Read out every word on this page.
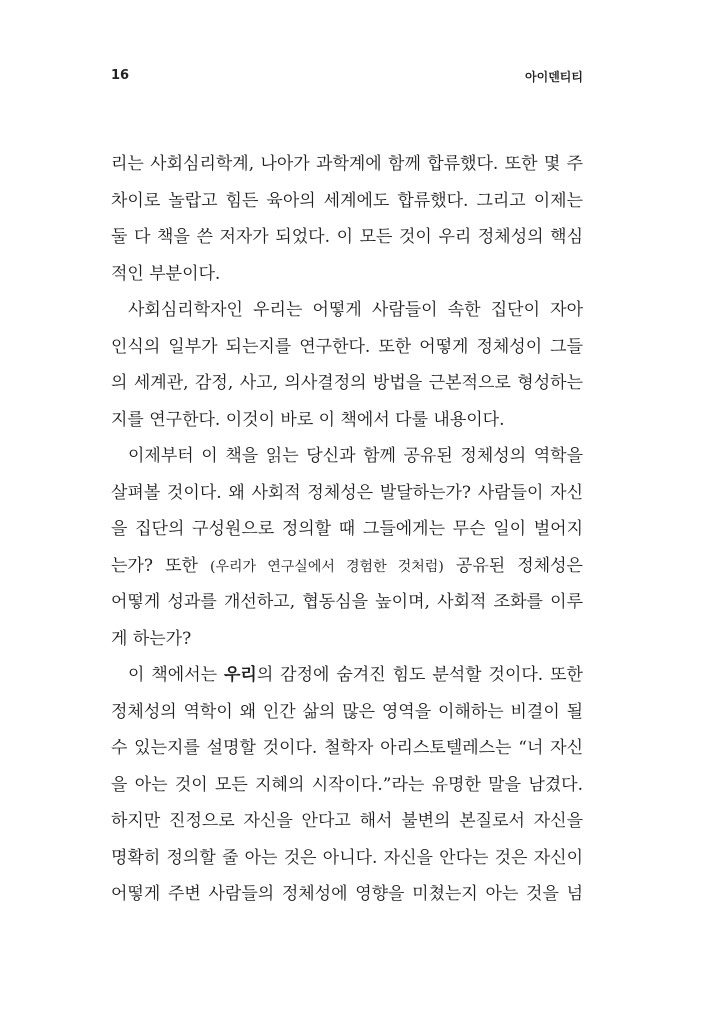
16	아이덴티티
리는 사회심리학계, 나아가 과학계에 함께 합류했다. 또한 몇 주
차이로 놀랍고 힘든 육아의 세계에도 합류했다. 그리고 이제는
둘 다 책을 쓴 저자가 되었다. 이 모든 것이 우리 정체성의 핵심
적인 부분이다.
사회심리학자인 우리는 어떻게 사람들이 속한 집단이 자아
인식의 일부가 되는지를 연구한다. 또한 어떻게 정체성이 그들
의 세계관, 감정, 사고, 의사결정의 방법을 근본적으로 형성하는
지를 연구한다. 이것이 바로 이 책에서 다룰 내용이다.
이제부터 이 책을 읽는 당신과 함께 공유된 정체성의 역학을
살펴볼 것이다. 왜 사회적 정체성은 발달하는가? 사람들이 자신
을 집단의 구성원으로 정의할 때 그들에게는 무슨 일이 벌어지
는가? 또한 (우리가 연구실에서 경험한 것처럼) 공유된 정체성은
어떻게 성과를 개선하고, 협동심을 높이며, 사회적 조화를 이루
게 하는가?
이 책에서는 우리의 감정에 숨겨진 힘도 분석할 것이다. 또한
정체성의 역학이 왜 인간 삶의 많은 영역을 이해하는 비결이 될
수 있는지를 설명할 것이다. 철학자 아리스토텔레스는 “너 자신
을 아는 것이 모든 지혜의 시작이다.”라는 유명한 말을 남겼다.
하지만 진정으로 자신을 안다고 해서 불변의 본질로서 자신을
명확히 정의할 줄 아는 것은 아니다. 자신을 안다는 것은 자신이
어떻게 주변 사람들의 정체성에 영향을 미쳤는지 아는 것을 넘
